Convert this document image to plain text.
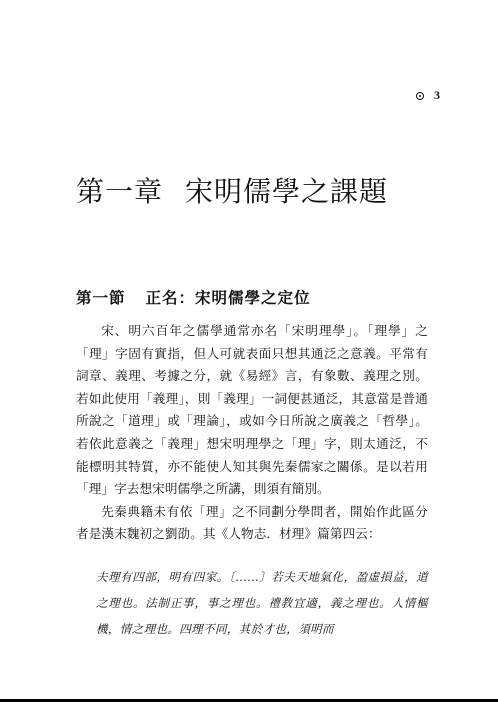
3
第一章 宋明儒學之課題
第一節 正名：宋明儒學之定位

宋、明六百年之儒學通常亦名「宋明理學」。「理學」之「理」字固有實指，但人可就表面只想其通泛之意義。平常有詞章、義理、考據之分，就《易經》言，有象數、義理之別。若如此使用「義理」，則「義理」一詞便甚通泛，其意當是普通所說之「道理」或「理論」，或如今日所說之廣義之「哲學」。若依此意義之「義理」想宋明理學之「理」字，則太通泛，不能標明其特質，亦不能使人知其與先秦儒家之關係。是以若用「理」字去想宋明儒學之所講，則須有簡別。

先秦典籍未有依「理」之不同劃分學問者，開始作此區分者是漢末魏初之劉劭。其《人物志．材理》篇第四云：

夫理有四部，明有四家。〔……〕若夫天地氣化，盈虛損益，道之理也。法制正事，事之理也。禮教宜適，義之理也。人情樞機，情之理也。四理不同，其於才也，須明而
